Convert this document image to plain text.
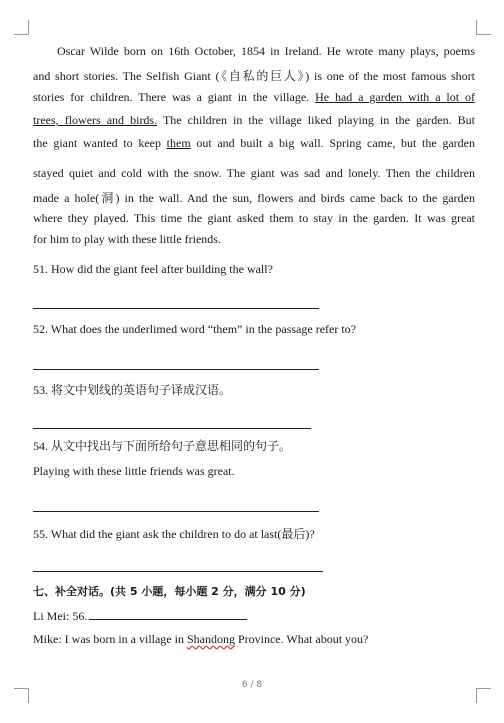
Oscar Wilde born on 16th October, 1854 in Ireland. He wrote many plays, poems
and short stories. The Selfish Giant (《自私的巨人》) is one of the most famous short
stories for children. There was a giant in the village. He had a garden with a lot of
trees, flowers and birds. The children in the village liked playing in the garden. But
the giant wanted to keep them out and built a big wall. Spring came, but the garden
stayed quiet and cold with the snow. The giant was sad and lonely. Then the children
made a hole(洞) in the wall. And the sun, flowers and birds came back to the garden
where they played. This time the giant asked them to stay in the garden. It was great
for him to play with these little friends.
51. How did the giant feel after building the wall?
52. What does the underlimed word “them” in the passage refer to?
53. 将文中划线的英语句子译成汉语。
54. 从文中找出与下面所给句子意思相同的句子。
Playing with these little friends was great.
55. What did the giant ask the children to do at last(最后)?
七、补全对话。(共 5 小题，每小题 2 分，满分 10 分)
Li Mei: 56.
Mike: I was born in a village in Shandong Province. What about you?
6 / 8
